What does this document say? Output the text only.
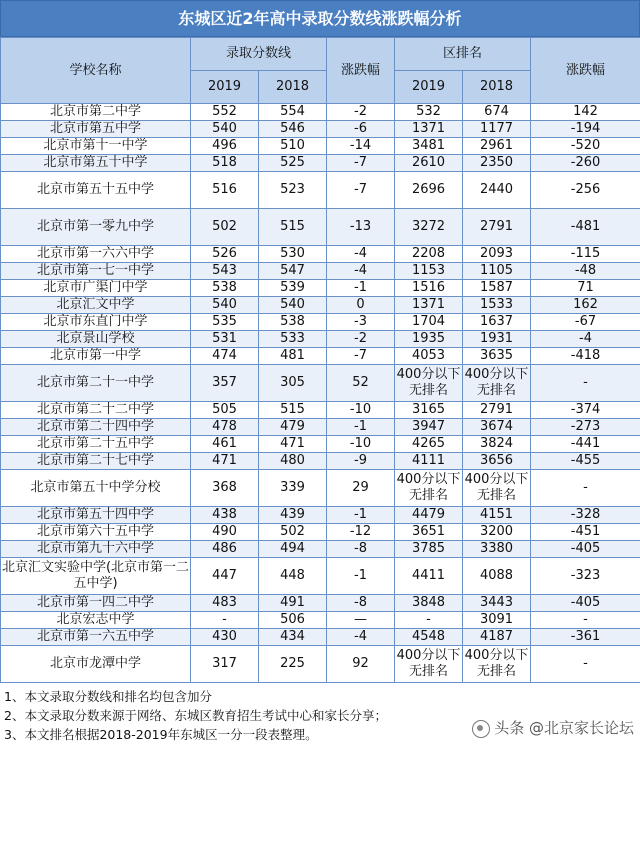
东城区近2年高中录取分数线涨跌幅分析
学校名称	录取分数线		涨跌幅	区排名		涨跌幅
	2019	2018		2019	2018	
北京市第二中学	552	554	-2	532	674	142
北京市第五中学	540	546	-6	1371	1177	-194
北京市第十一中学	496	510	-14	3481	2961	-520
北京市第五十中学	518	525	-7	2610	2350	-260
北京市第五十五中学	516	523	-7	2696	2440	-256
北京市第一零九中学	502	515	-13	3272	2791	-481
北京市第一六六中学	526	530	-4	2208	2093	-115
北京市第一七一中学	543	547	-4	1153	1105	-48
北京市广渠门中学	538	539	-1	1516	1587	71
北京汇文中学	540	540	0	1371	1533	162
北京市东直门中学	535	538	-3	1704	1637	-67
北京景山学校	531	533	-2	1935	1931	-4
北京市第一中学	474	481	-7	4053	3635	-418
北京市第二十一中学	357	305	52	400分以下无排名	400分以下无排名	-
北京市第二十二中学	505	515	-10	3165	2791	-374
北京市第二十四中学	478	479	-1	3947	3674	-273
北京市第二十五中学	461	471	-10	4265	3824	-441
北京市第二十七中学	471	480	-9	4111	3656	-455
北京市第五十中学分校	368	339	29	400分以下无排名	400分以下无排名	-
北京市第五十四中学	438	439	-1	4479	4151	-328
北京市第六十五中学	490	502	-12	3651	3200	-451
北京市第九十六中学	486	494	-8	3785	3380	-405
北京汇文实验中学(北京市第一二 五中学)	447	448	-1	4411	4088	-323
北京市第一四二中学	483	491	-8	3848	3443	-405
北京宏志中学	-	506	—	-	3091	-
北京市第一六五中学	430	434	-4	4548	4187	-361
北京市龙潭中学	317	225	92	400分以下无排名	400分以下无排名	-
1、本文录取分数线和排名均包含加分
2、本文录取分数来源于网络、东城区教育招生考试中心和家长分享；
3、本文排名根据2018-2019年东城区一分一段表整理。	头条 @北京家长论坛
